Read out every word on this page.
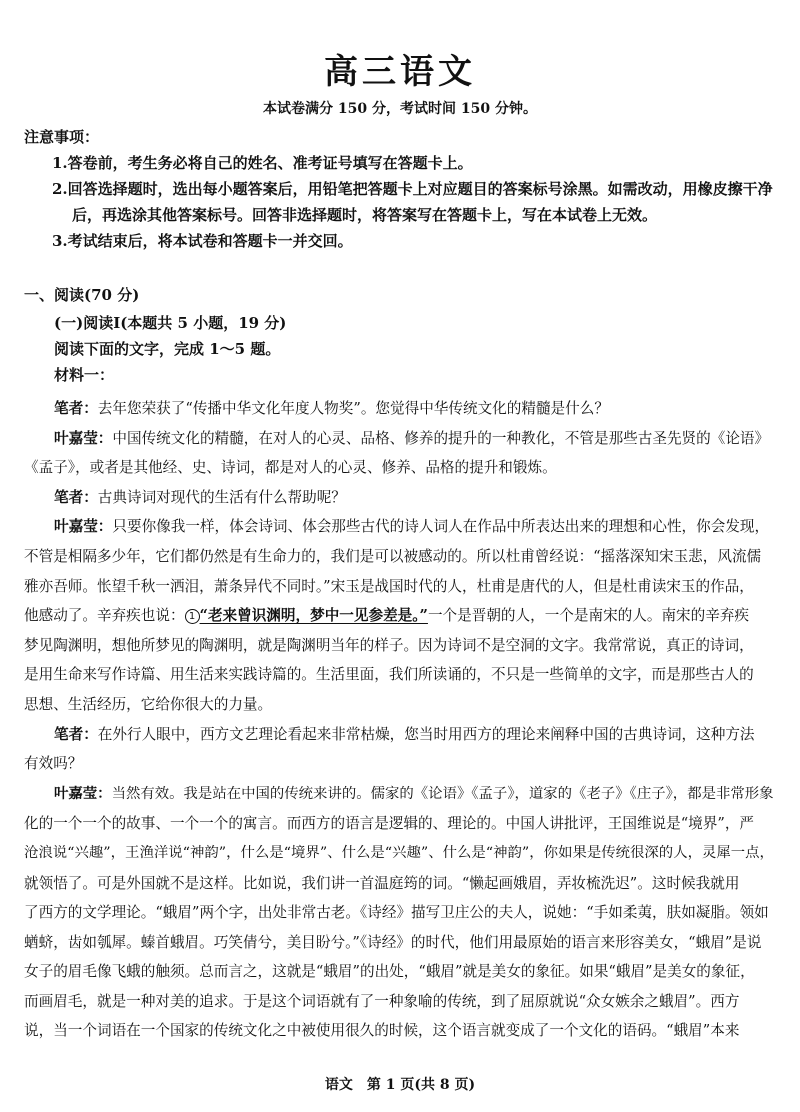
高三语文
本试卷满分 150 分，考试时间 150 分钟。
注意事项：
1.答卷前，考生务必将自己的姓名、准考证号填写在答题卡上。
2.回答选择题时，选出每小题答案后，用铅笔把答题卡上对应题目的答案标号涂黑。如需改动，用橡皮擦干净
后，再选涂其他答案标号。回答非选择题时，将答案写在答题卡上，写在本试卷上无效。
3.考试结束后，将本试卷和答题卡一并交回。
一、阅读(70 分)
(一)阅读Ⅰ(本题共 5 小题，19 分)
阅读下面的文字，完成 1～5 题。
材料一：
笔者：去年您荣获了“传播中华文化年度人物奖”。您觉得中华传统文化的精髓是什么？
叶嘉莹：中国传统文化的精髓，在对人的心灵、品格、修养的提升的一种教化，不管是那些古圣先贤的《论语》
《孟子》，或者是其他经、史、诗词，都是对人的心灵、修养、品格的提升和锻炼。
笔者：古典诗词对现代的生活有什么帮助呢？
叶嘉莹：只要你像我一样，体会诗词、体会那些古代的诗人词人在作品中所表达出来的理想和心性，你会发现，
不管是相隔多少年，它们都仍然是有生命力的，我们是可以被感动的。所以杜甫曾经说：“摇落深知宋玉悲，风流儒
雅亦吾师。怅望千秋一洒泪，萧条异代不同时。”宋玉是战国时代的人，杜甫是唐代的人，但是杜甫读宋玉的作品，
他感动了。辛弃疾也说： 1 “老来曾识渊明，梦中一见参差是。”一个是晋朝的人，一个是南宋的人。南宋的辛弃疾
梦见陶渊明，想他所梦见的陶渊明，就是陶渊明当年的样子。因为诗词不是空洞的文字。我常常说，真正的诗词，
是用生命来写作诗篇、用生活来实践诗篇的。生活里面，我们所读诵的，不只是一些简单的文字，而是那些古人的
思想、生活经历，它给你很大的力量。
笔者：在外行人眼中，西方文艺理论看起来非常枯燥，您当时用西方的理论来阐释中国的古典诗词，这种方法
有效吗？
叶嘉莹：当然有效。我是站在中国的传统来讲的。儒家的《论语》《孟子》，道家的《老子》《庄子》，都是非常形象
化的一个一个的故事、一个一个的寓言。而西方的语言是逻辑的、理论的。中国人讲批评，王国维说是“境界”，严
沧浪说“兴趣”，王渔洋说“神韵”，什么是“境界”、什么是“兴趣”、什么是“神韵”，你如果是传统很深的人，灵犀一点，
就领悟了。可是外国就不是这样。比如说，我们讲一首温庭筠的词。“懒起画娥眉，弄妆梳洗迟”。这时候我就用
了西方的文学理论。“蛾眉”两个字，出处非常古老。《诗经》描写卫庄公的夫人，说她：“手如柔荑，肤如凝脂。领如
蝤蛴，齿如瓠犀。螓首蛾眉。巧笑倩兮，美目盼兮。”《诗经》的时代，他们用最原始的语言来形容美女，“蛾眉”是说
女子的眉毛像飞蛾的触须。总而言之，这就是“蛾眉”的出处，“蛾眉”就是美女的象征。如果“蛾眉”是美女的象征，
而画眉毛，就是一种对美的追求。于是这个词语就有了一种象喻的传统，到了屈原就说“众女嫉余之蛾眉”。西方
说，当一个词语在一个国家的传统文化之中被使用很久的时候，这个语言就变成了一个文化的语码。“蛾眉”本来
语文　第 1 页(共 8 页)
